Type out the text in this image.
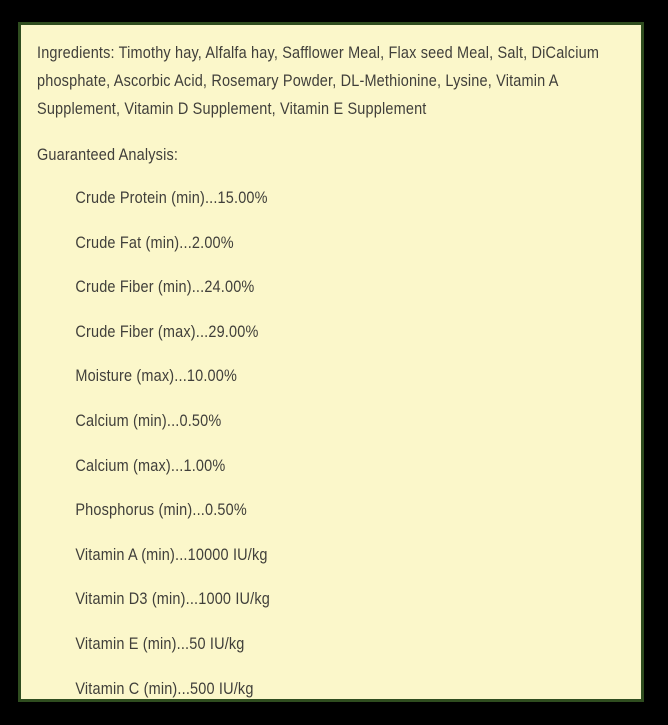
Ingredients: Timothy hay, Alfalfa hay, Safflower Meal, Flax seed Meal, Salt, DiCalcium
phosphate, Ascorbic Acid, Rosemary Powder, DL-Methionine, Lysine, Vitamin A
Supplement, Vitamin D Supplement, Vitamin E Supplement

Guaranteed Analysis:

Crude Protein (min)...15.00%
Crude Fat (min)...2.00%
Crude Fiber (min)...24.00%
Crude Fiber (max)...29.00%
Moisture (max)...10.00%
Calcium (min)...0.50%
Calcium (max)...1.00%
Phosphorus (min)...0.50%
Vitamin A (min)...10000 IU/kg
Vitamin D3 (min)...1000 IU/kg
Vitamin E (min)...50 IU/kg
Vitamin C (min)...500 IU/kg
